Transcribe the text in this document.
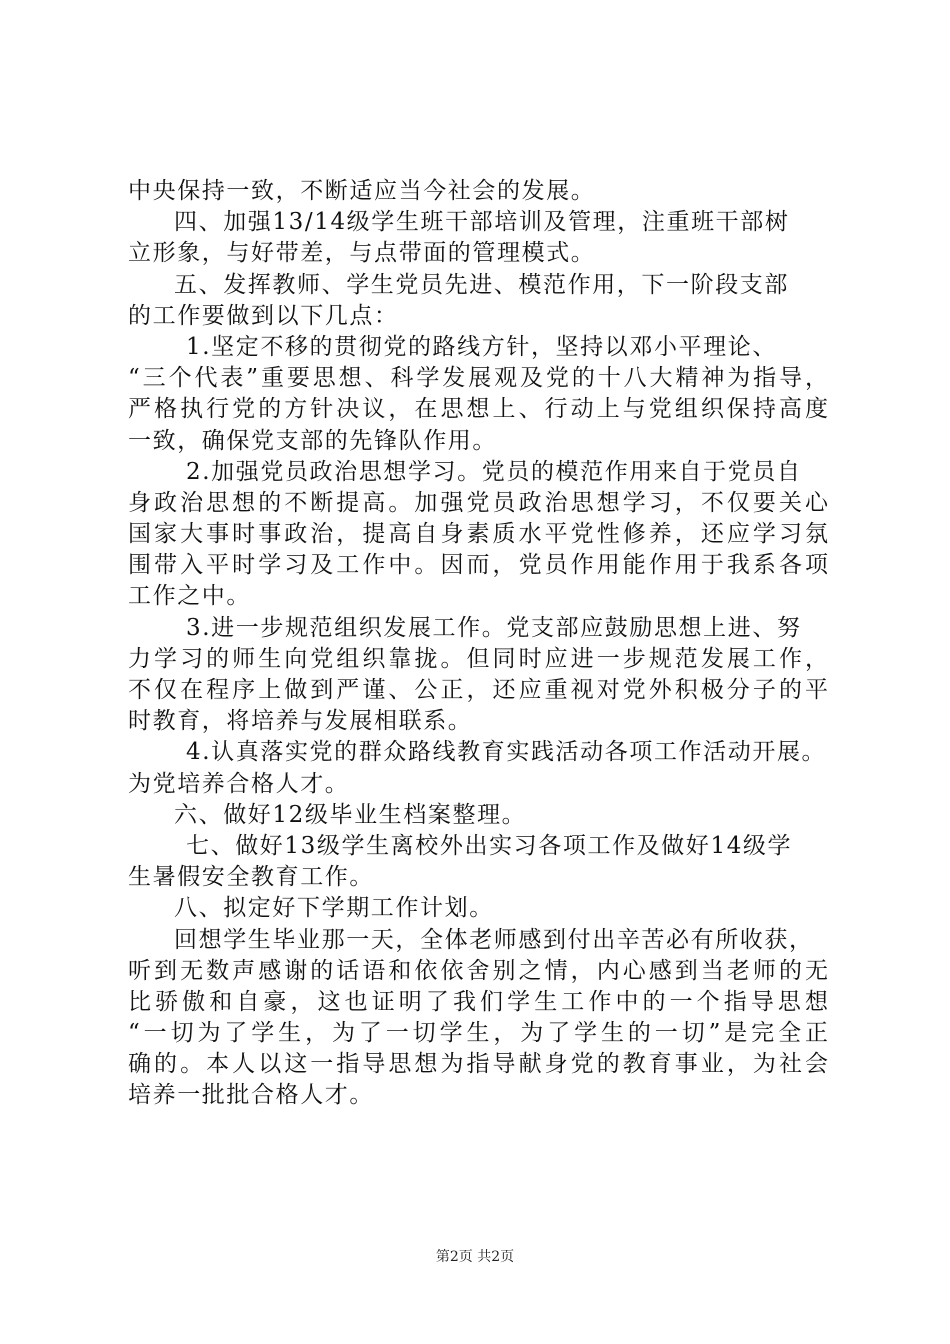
中央保持一致，不断适应当今社会的发展。
四、加强13/14级学生班干部培训及管理，注重班干部树
立形象，与好带差，与点带面的管理模式。
五、发挥教师、学生党员先进、模范作用，下一阶段支部
的工作要做到以下几点：
1.坚定不移的贯彻党的路线方针，坚持以邓小平理论、
“三个代表”重要思想、科学发展观及党的十八大精神为指导，
严格执行党的方针决议，在思想上、行动上与党组织保持高度
一致，确保党支部的先锋队作用。
2.加强党员政治思想学习。党员的模范作用来自于党员自
身政治思想的不断提高。加强党员政治思想学习，不仅要关心
国家大事时事政治，提高自身素质水平党性修养，还应学习氛
围带入平时学习及工作中。因而，党员作用能作用于我系各项
工作之中。
3.进一步规范组织发展工作。党支部应鼓励思想上进、努
力学习的师生向党组织靠拢。但同时应进一步规范发展工作，
不仅在程序上做到严谨、公正，还应重视对党外积极分子的平
时教育，将培养与发展相联系。
4.认真落实党的群众路线教育实践活动各项工作活动开展。
为党培养合格人才。
六、做好12级毕业生档案整理。
七、做好13级学生离校外出实习各项工作及做好14级学
生暑假安全教育工作。
八、拟定好下学期工作计划。
回想学生毕业那一天，全体老师感到付出辛苦必有所收获，
听到无数声感谢的话语和依依舍别之情，内心感到当老师的无
比骄傲和自豪，这也证明了我们学生工作中的一个指导思想
“一切为了学生，为了一切学生，为了学生的一切”是完全正
确的。本人以这一指导思想为指导献身党的教育事业，为社会
培养一批批合格人才。
第2页 共2页
